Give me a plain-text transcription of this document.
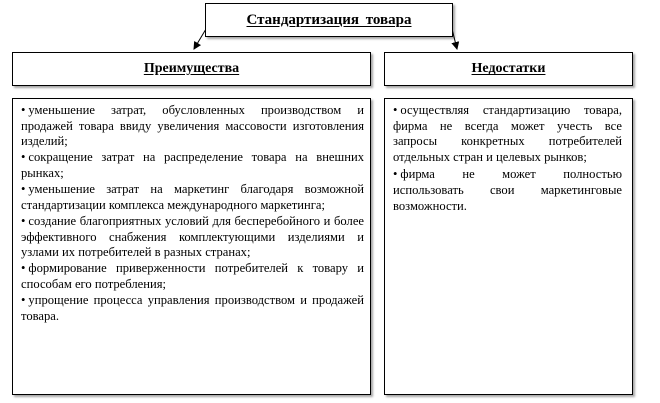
Стандартизация товара
Преимущества	Недостатки

• уменьшение затрат, обусловленных производством и продажей товара ввиду увеличения массовости изготовления изделий;

• сокращение затрат на распределение товара на внешних рынках;

• уменьшение затрат на маркетинг благодаря возможной стандартизации комплекса международного маркетинга;

• создание благоприятных условий для бесперебойного и более эффективного снабжения комплектующими изделиями и узлами их потребителей в разных странах;

• формирование приверженности потребителей к товару и способам его потребления;

• упрощение процесса управления производством и продажей товара.

• осуществляя стандартизацию товара, фирма не всегда может учесть все запросы конкретных потребителей отдельных стран и целевых рынков;

• фирма не может полностью использовать свои маркетинговые возможности.
